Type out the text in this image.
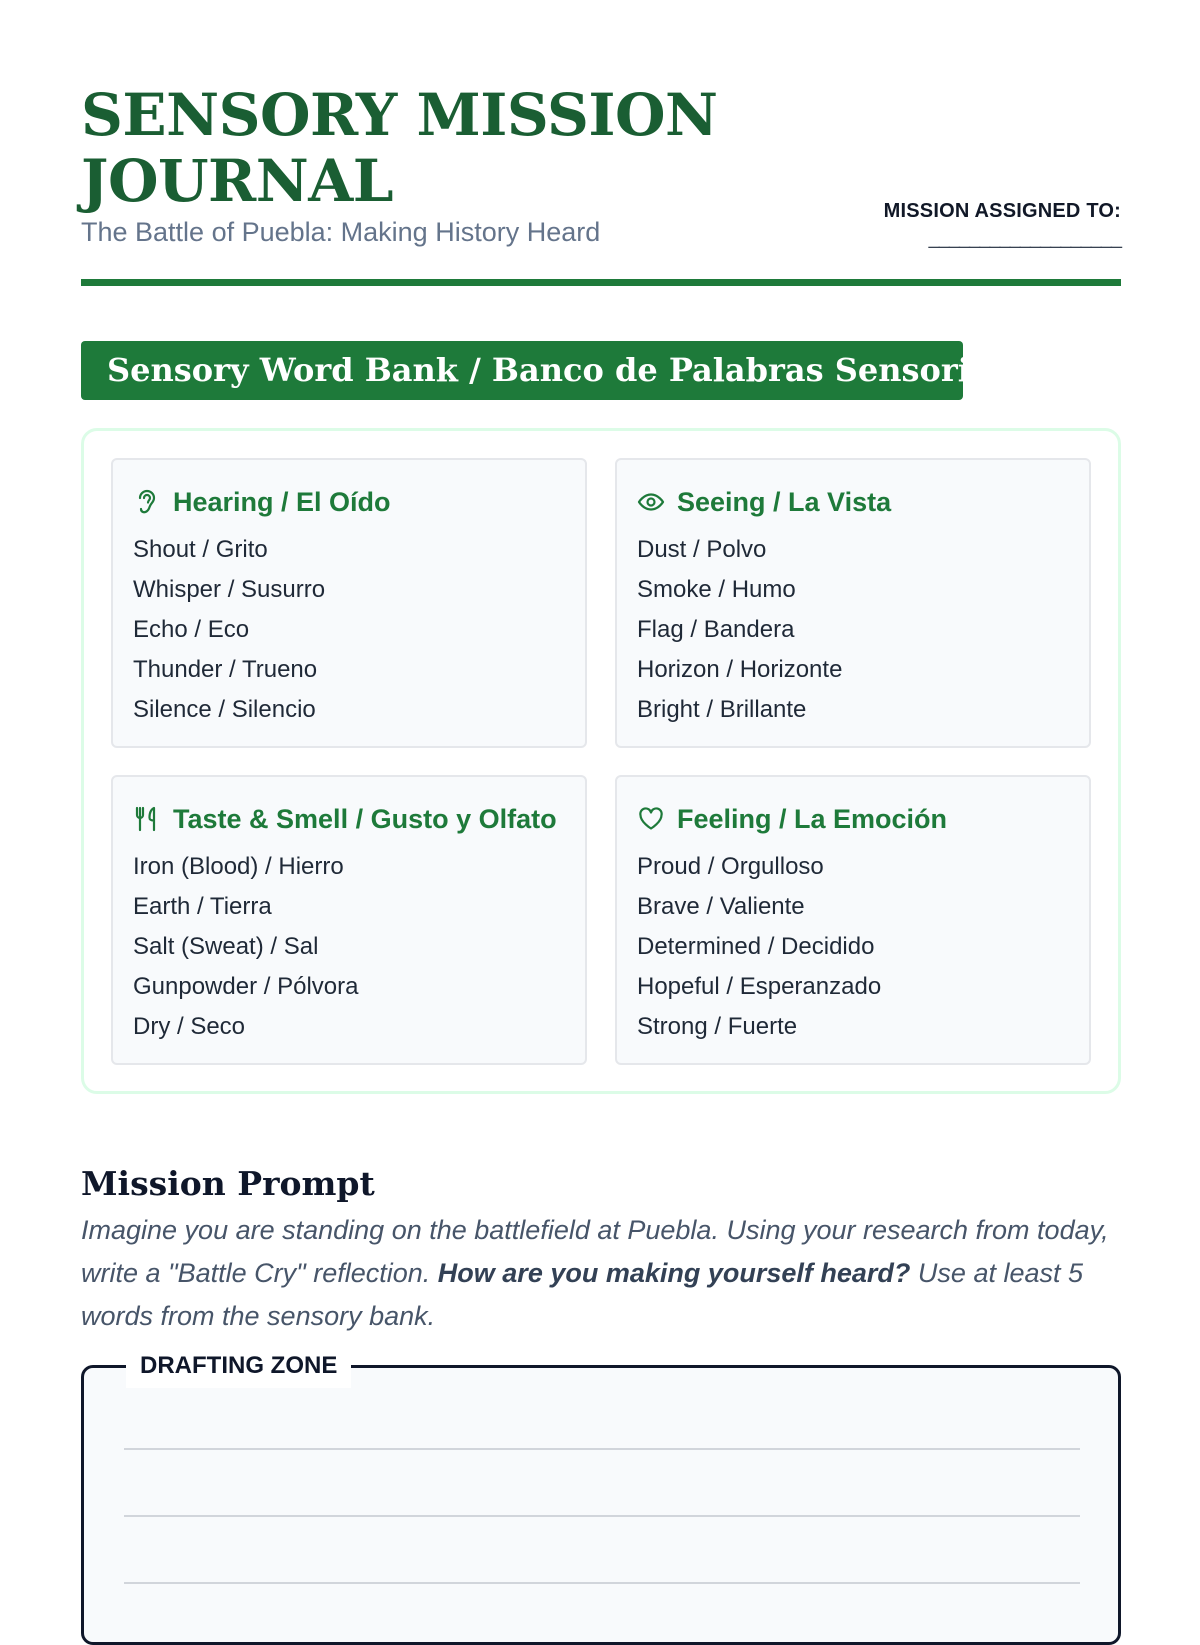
SENSORY MISSION JOURNAL
The Battle of Puebla: Making History Heard
MISSION ASSIGNED TO:
___________________
Sensory Word Bank / Banco de Palabras Sensoriales
Hearing / El Oído
Shout / Grito
Whisper / Susurro
Echo / Eco
Thunder / Trueno
Silence / Silencio
Seeing / La Vista
Dust / Polvo
Smoke / Humo
Flag / Bandera
Horizon / Horizonte
Bright / Brillante
Taste & Smell / Gusto y Olfato
Iron (Blood) / Hierro
Earth / Tierra
Salt (Sweat) / Sal
Gunpowder / Pólvora
Dry / Seco
Feeling / La Emoción
Proud / Orgulloso
Brave / Valiente
Determined / Decidido
Hopeful / Esperanzado
Strong / Fuerte
Mission Prompt

Imagine you are standing on the battlefield at Puebla. Using your research from today, write a "Battle Cry" reflection. How are you making yourself heard? Use at least 5 words from the sensory bank.

DRAFTING ZONE
